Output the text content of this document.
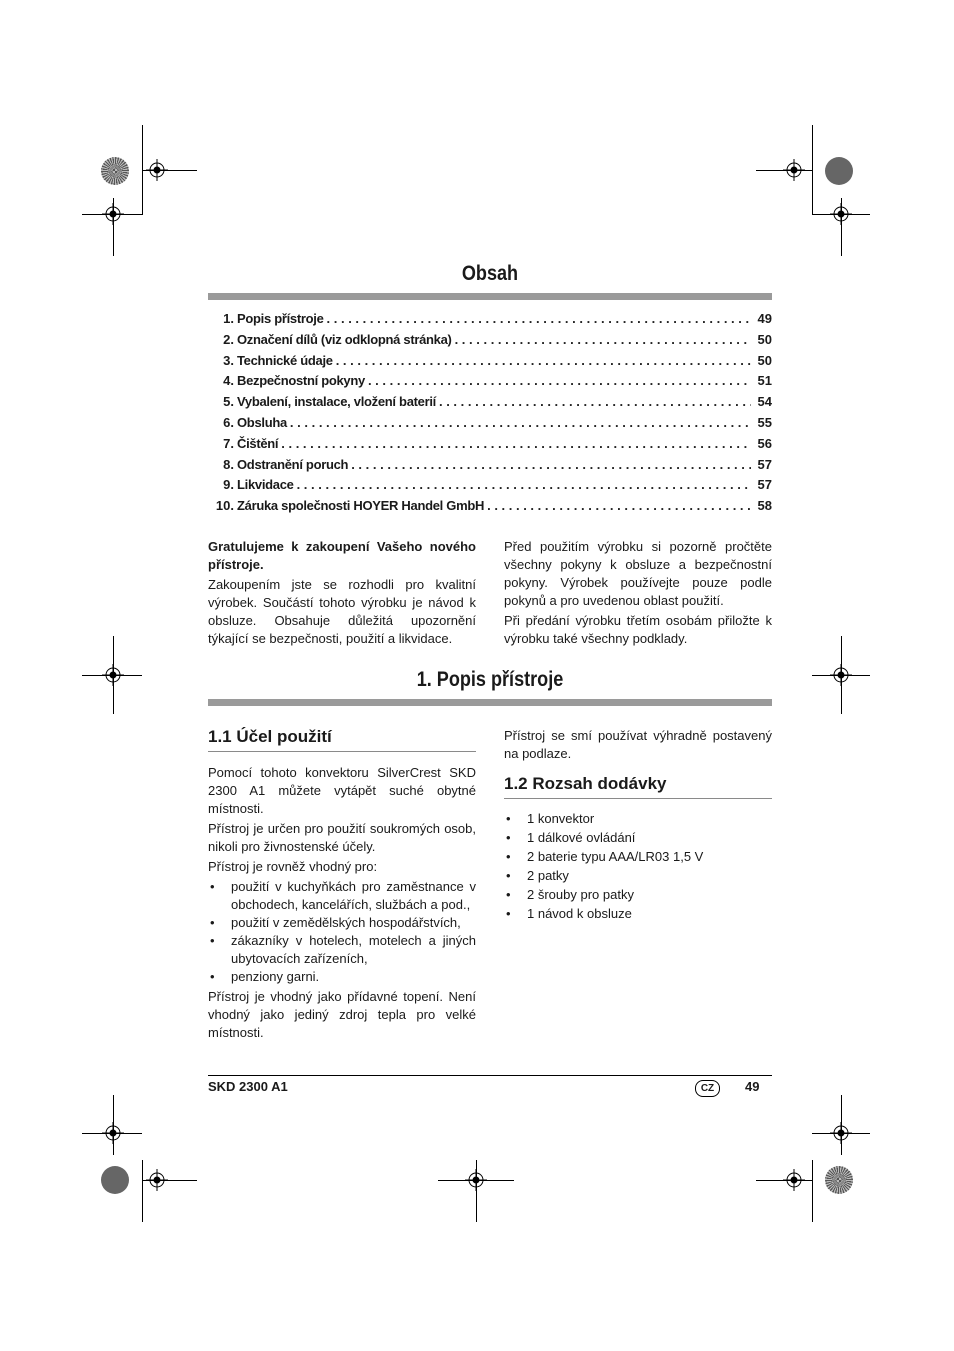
Obsah
1. Popis přístroje . . .	49
2. Označení dílů (viz odklopná stránka) . . .	50
3. Technické údaje . . .	50
4. Bezpečnostní pokyny . . .	51
5. Vybalení, instalace, vložení baterií . . .	54
6. Obsluha . . .	55
7. Čištění . . .	56
8. Odstranění poruch . . .	57
9. Likvidace . . .	57
10. Záruka společnosti HOYER Handel GmbH . . .	58

Gratulujeme k zakoupení Vašeho nového přístroje.

Zakoupením jste se rozhodli pro kvalitní výrobek. Součástí tohoto výrobku je návod k obsluze. Obsahuje důležitá upozornění týkající se bezpečnosti, použití a likvidace.

Před použitím výrobku si pozorně pročtěte všechny pokyny k obsluze a bezpečnostní pokyny. Výrobek používejte pouze podle pokynů a pro uvedenou oblast použití.

Při předání výrobku třetím osobám přiložte k výrobku také všechny podklady.

1. Popis přístroje
1.1 Účel použití

Pomocí tohoto konvektoru SilverCrest SKD 2300 A1 můžete vytápět suché obytné místnosti.

Přístroj je určen pro použití soukromých osob, nikoli pro živnostenské účely.

Přístroj je rovněž vhodný pro:

• použití v kuchyňkách pro zaměstnance v obchodech, kancelářích, službách a pod.,
• použití v zemědělských hospodářstvích,
• zákazníky v hotelech, motelech a jiných ubytovacích zařízeních,
• penziony garni.

Přístroj je vhodný jako přídavné topení. Není vhodný jako jediný zdroj tepla pro velké místnosti.

Přístroj se smí používat výhradně postavený na podlaze.

1.2 Rozsah dodávky
• 1 konvektor
• 1 dálkové ovládání
• 2 baterie typu AAA/LR03 1,5 V
• 2 patky
• 2 šrouby pro patky
• 1 návod k obsluze
SKD 2300 A1	CZ	49
